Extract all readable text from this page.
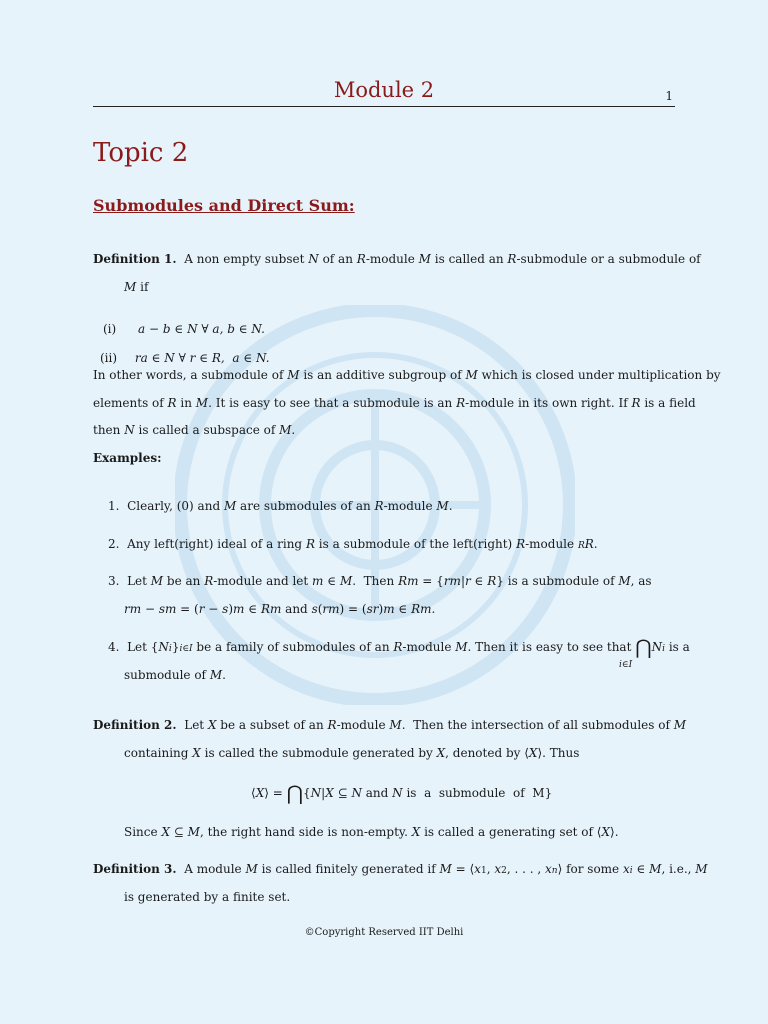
Module 2	1
Topic 2
Submodules and Direct Sum:
Definition 1. A non empty subset N of an R-module M is called an R-submodule or a submodule of
M if
(i) a − b ∈ N ∀ a, b ∈ N.
(ii) ra ∈ N ∀ r ∈ R,  a ∈ N.
In other words, a submodule of M is an additive subgroup of M which is closed under multiplication by
elements of R in M. It is easy to see that a submodule is an R-module in its own right. If R is a field
then N is called a subspace of M.
Examples:
1.  Clearly, (0) and M are submodules of an R-module M.
2.  Any left(right) ideal of a ring R is a submodule of the left(right) R-module RR.
3.  Let M be an R-module and let m ∈ M.  Then Rm = {rm|r ∈ R} is a submodule of M, as
rm − sm = (r − s)m ∈ Rm and s(rm) = (sr)m ∈ Rm.
4.  Let {Ni}i∈I be a family of submodules of an R-module M. Then it is easy to see that ⋂Ni is a
i∈I
submodule of M.
Definition 2.  Let X be a subset of an R-module M.  Then the intersection of all submodules of M
containing X is called the submodule generated by X, denoted by ⟨X⟩. Thus
⟨X⟩ = ⋂{N|X ⊆ N and N is  a  submodule  of  M}
Since X ⊆ M, the right hand side is non-empty. X is called a generating set of ⟨X⟩.
Definition 3.  A module M is called finitely generated if M = ⟨x1, x2, . . . , xn⟩ for some xi ∈ M, i.e., M
is generated by a finite set.
©Copyright Reserved IIT Delhi
